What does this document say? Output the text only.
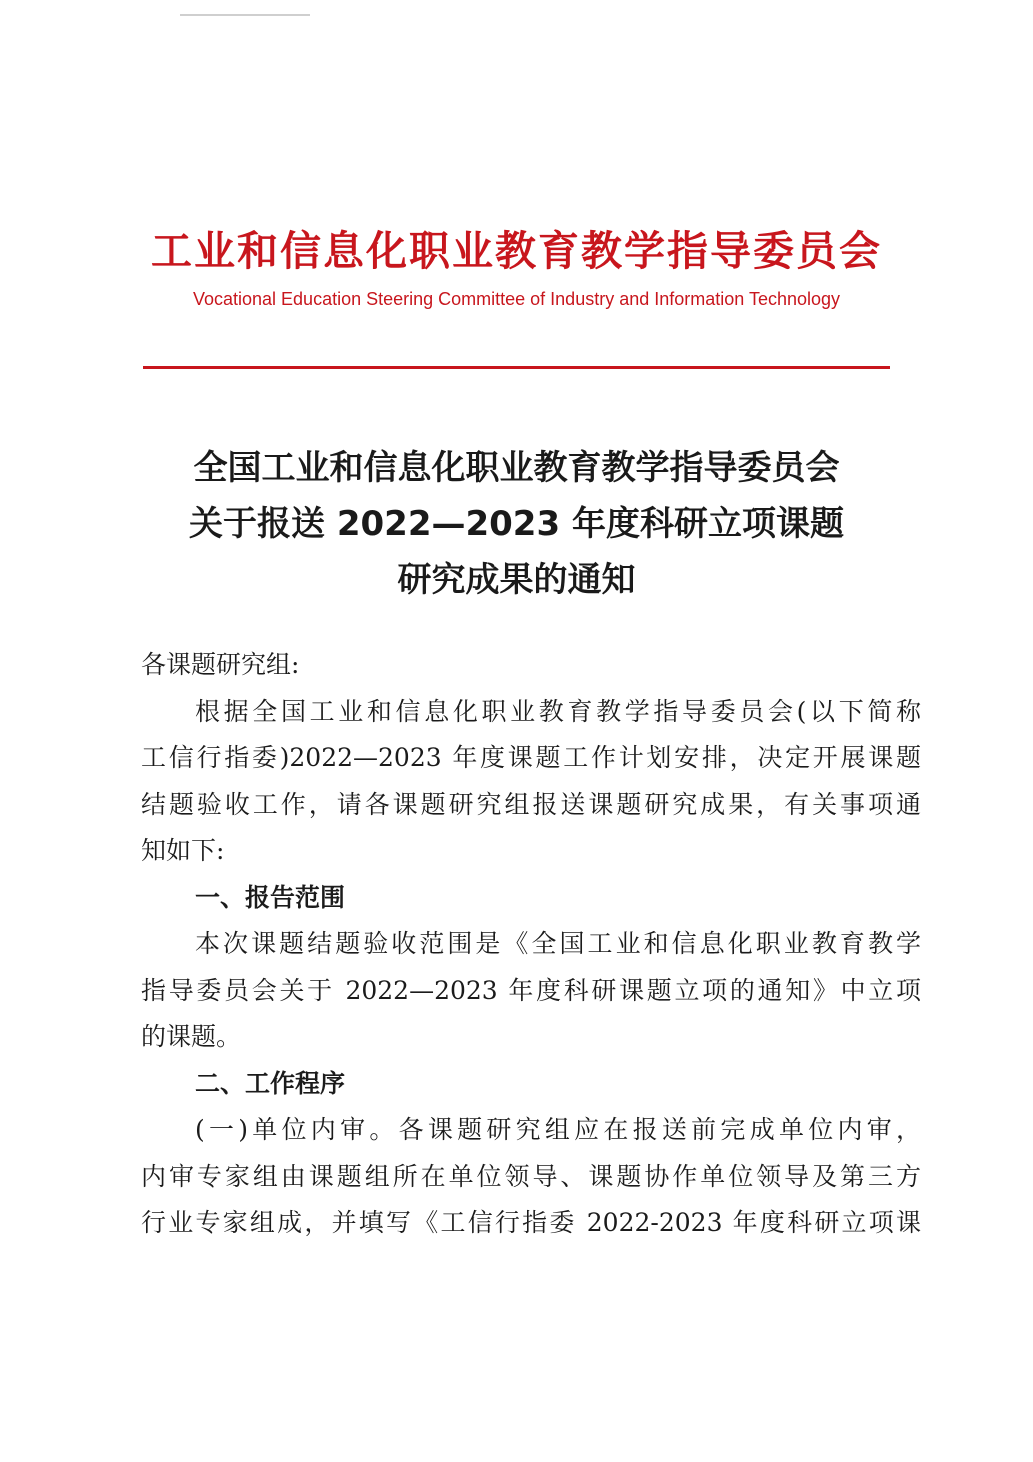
工业和信息化职业教育教学指导委员会
Vocational Education Steering Committee of Industry and Information Technology
全国工业和信息化职业教育教学指导委员会
关于报送 2022—2023 年度科研立项课题
研究成果的通知
各课题研究组:
根据全国工业和信息化职业教育教学指导委员会(以下简称
工信行指委)2022—2023 年度课题工作计划安排，决定开展课题
结题验收工作，请各课题研究组报送课题研究成果，有关事项通
知如下:
一、报告范围
本次课题结题验收范围是《全国工业和信息化职业教育教学
指导委员会关于 2022—2023 年度科研课题立项的通知》中立项
的课题。
二、工作程序
(一)单位内审。各课题研究组应在报送前完成单位内审，
内审专家组由课题组所在单位领导、课题协作单位领导及第三方
行业专家组成，并填写《工信行指委 2022-2023 年度科研立项课
